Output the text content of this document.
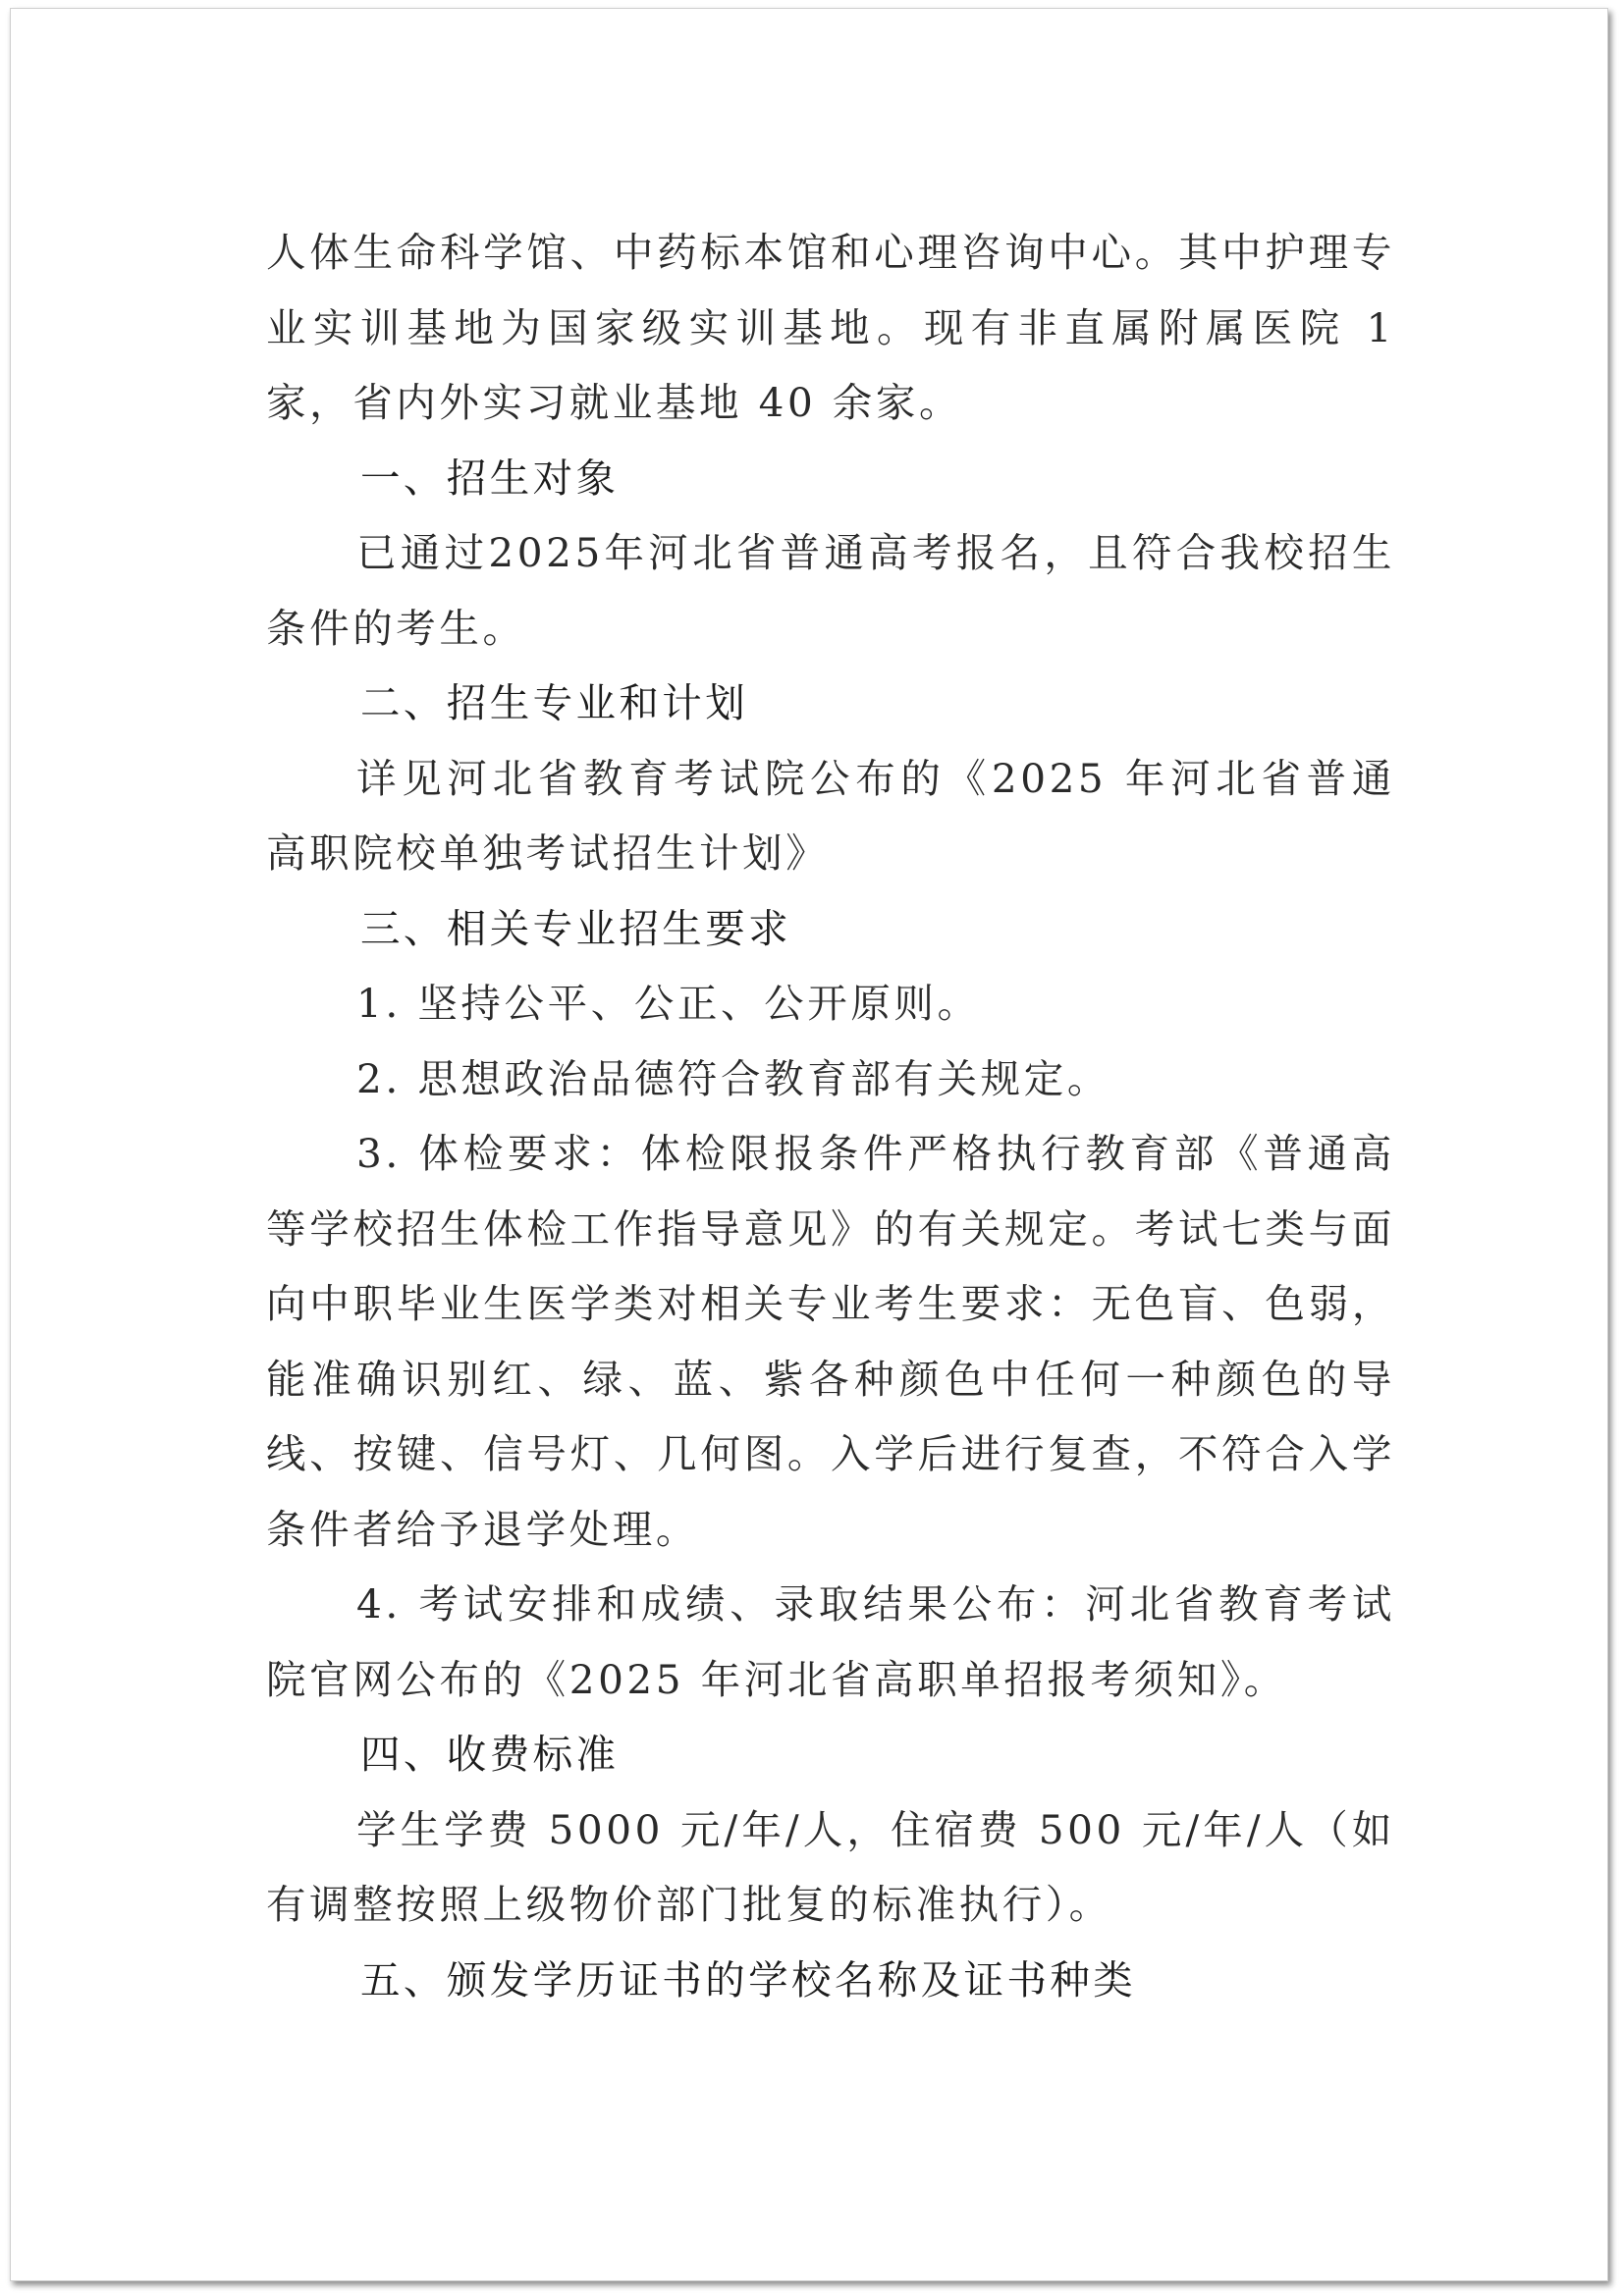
人体生命科学馆、中药标本馆和心理咨询中心。其中护理专业实训基地为国家级实训基地。现有非直属附属医院 1 家，省内外实习就业基地 40 余家。

一、招生对象

已通过2025年河北省普通高考报名，且符合我校招生条件的考生。

二、招生专业和计划

详见河北省教育考试院公布的《2025 年河北省普通高职院校单独考试招生计划》

三、相关专业招生要求

1. 坚持公平、公正、公开原则。

2. 思想政治品德符合教育部有关规定。

3. 体检要求：体检限报条件严格执行教育部《普通高等学校招生体检工作指导意见》的有关规定。考试七类与面向中职毕业生医学类对相关专业考生要求：无色盲、色弱，能准确识别红、绿、蓝、紫各种颜色中任何一种颜色的导线、按键、信号灯、几何图。入学后进行复查，不符合入学条件者给予退学处理。

4. 考试安排和成绩、录取结果公布：河北省教育考试院官网公布的《2025 年河北省高职单招报考须知》。

四、收费标准

学生学费 5000 元/年/人，住宿费 500 元/年/人（如有调整按照上级物价部门批复的标准执行）。

五、颁发学历证书的学校名称及证书种类
